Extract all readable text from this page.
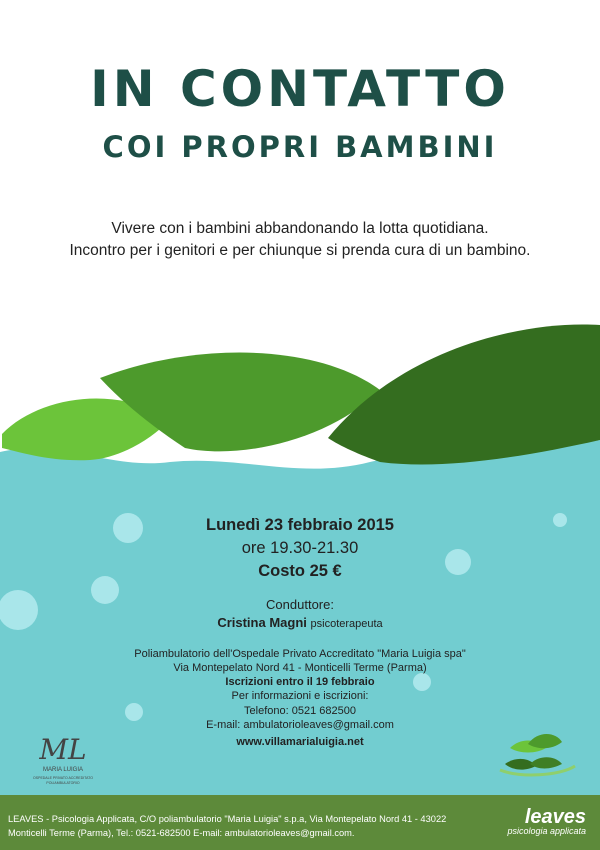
IN CONTATTO
COI PROPRI BAMBINI
Vivere con i bambini abbandonando la lotta quotidiana.
Incontro per i genitori e per chiunque si prenda cura di un bambino.
Lunedì 23 febbraio 2015
ore 19.30-21.30
Costo 25 €
Conduttore:
Cristina Magni psicoterapeuta
Poliambulatorio dell'Ospedale Privato Accreditato "Maria Luigia spa"
Via Montepelato Nord 41 - Monticelli Terme (Parma)
Iscrizioni entro il 19 febbraio
Per informazioni e iscrizioni:
Telefono: 0521 682500
E-mail: ambulatorioleaves@gmail.com
www.villamarialuigia.net
ML
MARIA LUIGIA
OSPEDALE PRIVATO ACCREDITATO POLIAMBULATORIO
LEAVES - Psicologia Applicata, C/O poliambulatorio "Maria Luigia" s.p.a, Via Montepelato Nord 41 - 43022
Monticelli Terme (Parma), Tel.: 0521-682500 E-mail: ambulatorioleaves@gmail.com.
leaves
psicologia applicata
